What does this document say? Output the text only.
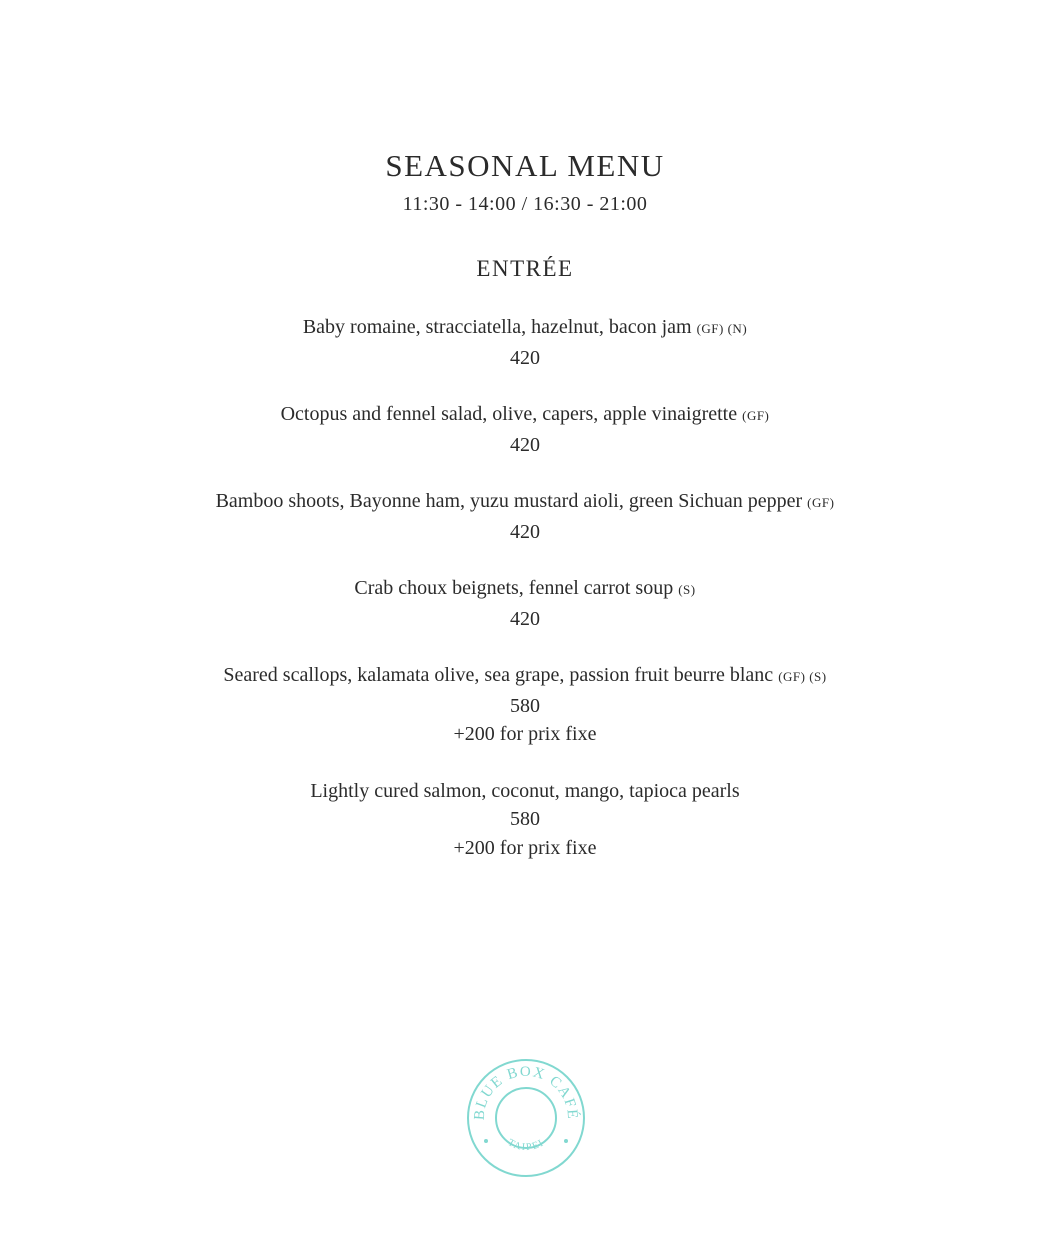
SEASONAL MENU
11:30 - 14:00 / 16:30 - 21:00
ENTRÉE
Baby romaine, stracciatella, hazelnut, bacon jam (GF) (N)
420
Octopus and fennel salad, olive, capers, apple vinaigrette (GF)
420
Bamboo shoots, Bayonne ham, yuzu mustard aioli, green Sichuan pepper (GF)
420
Crab choux beignets, fennel carrot soup (S)
420
Seared scallops, kalamata olive, sea grape, passion fruit beurre blanc (GF) (S)
580
+200 for prix fixe
Lightly cured salmon, coconut, mango, tapioca pearls
580
+200 for prix fixe
BLUE BOX CAFÉ
TAIPEI
